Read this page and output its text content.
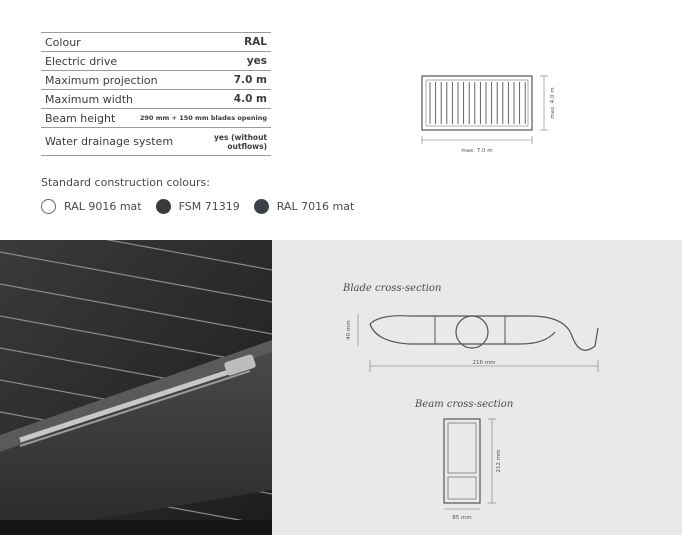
Colour	RAL
Electric drive	yes
Maximum projection	7.0 m
Maximum width	4.0 m
Beam height	290 mm + 150 mm blades opening
Water drainage system	yes (without
outflows)
max. 7.0 m
max. 4.0 m
Standard construction colours:
RAL 9016 mat	FSM 71319	RAL 7016 mat
Blade cross-section
40 mm
216 mm
Beam cross-section
212 mm
85 mm
